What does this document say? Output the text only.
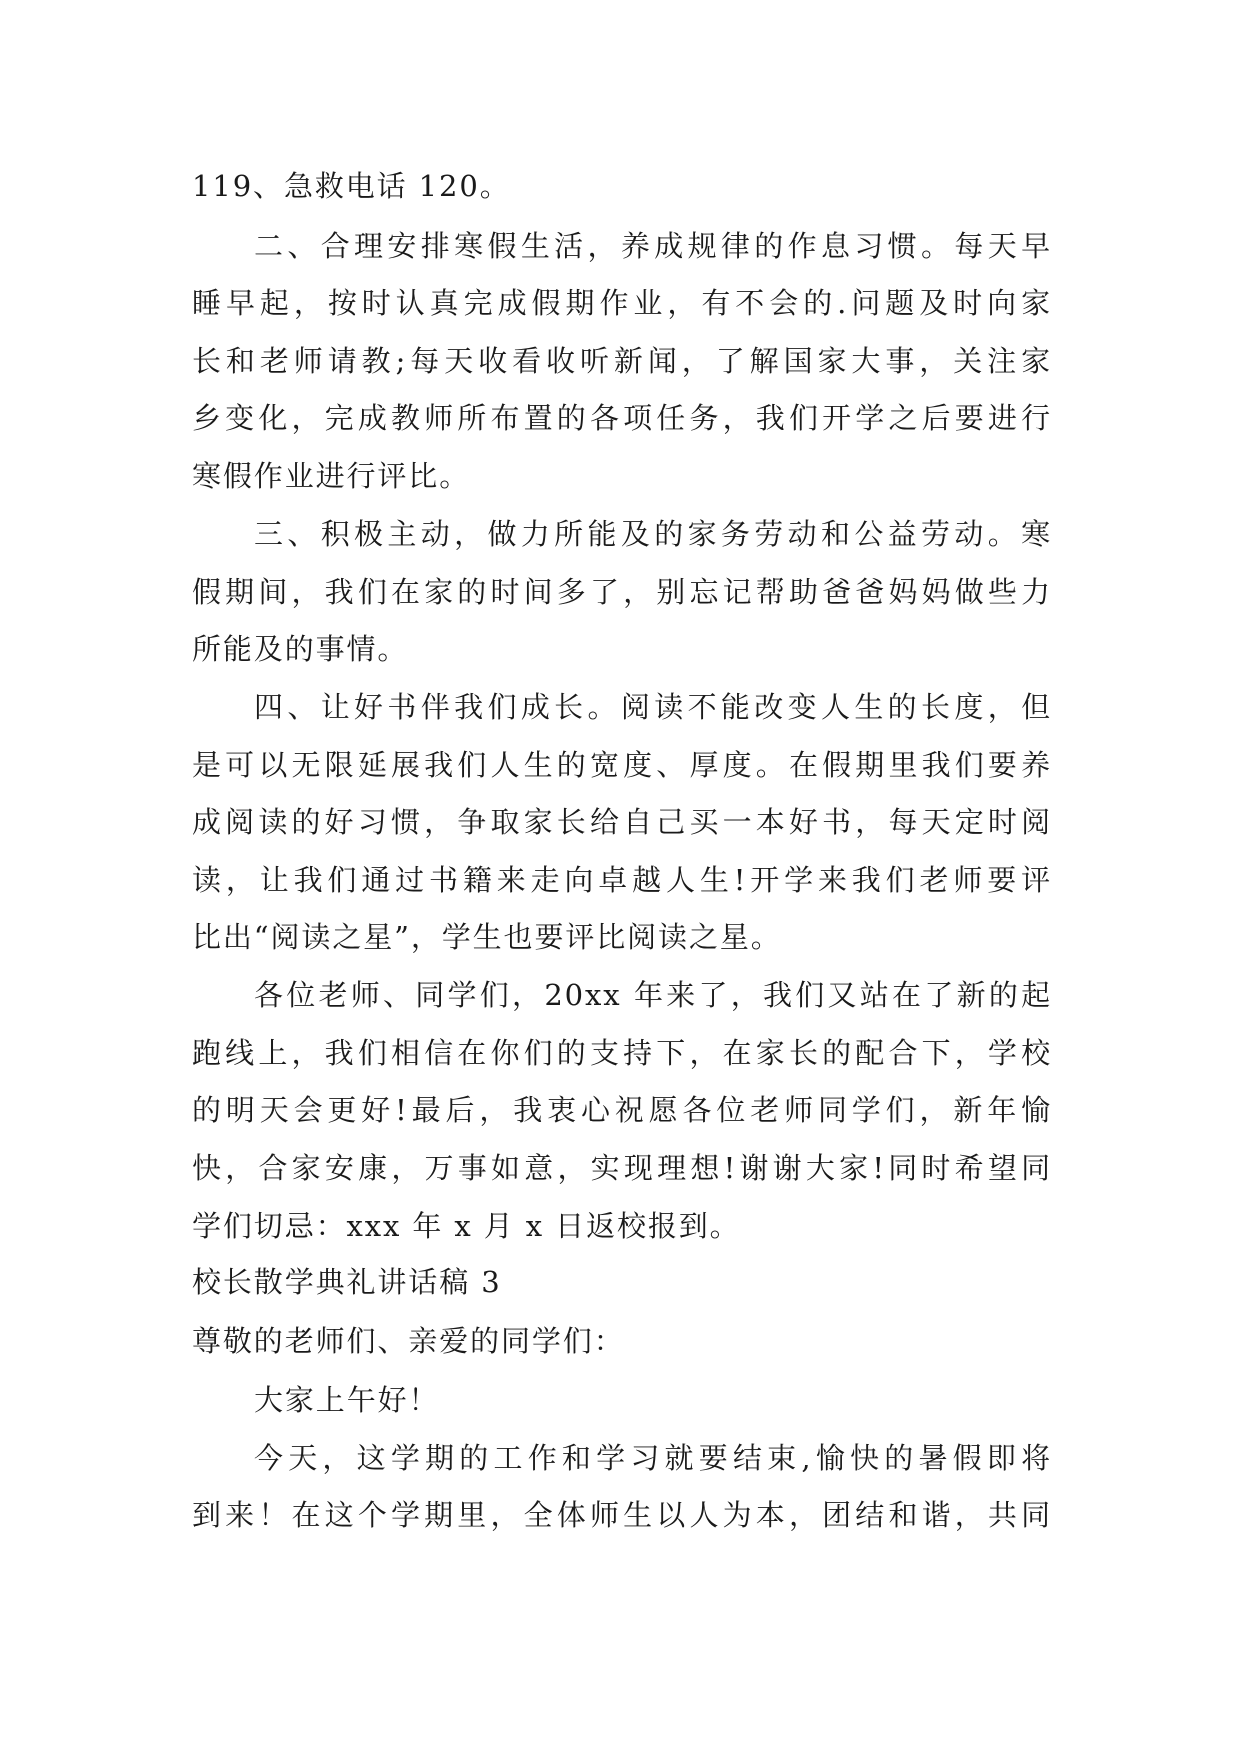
119、急救电话 120。
二、合理安排寒假生活，养成规律的作息习惯。每天早
睡早起，按时认真完成假期作业，有不会的.问题及时向家
长和老师请教;每天收看收听新闻，了解国家大事，关注家
乡变化，完成教师所布置的各项任务，我们开学之后要进行
寒假作业进行评比。
三、积极主动，做力所能及的家务劳动和公益劳动。寒
假期间，我们在家的时间多了，别忘记帮助爸爸妈妈做些力
所能及的事情。
四、让好书伴我们成长。阅读不能改变人生的长度，但
是可以无限延展我们人生的宽度、厚度。在假期里我们要养
成阅读的好习惯，争取家长给自己买一本好书，每天定时阅
读，让我们通过书籍来走向卓越人生!开学来我们老师要评
比出“阅读之星”，学生也要评比阅读之星。
各位老师、同学们，20xx 年来了，我们又站在了新的起
跑线上，我们相信在你们的支持下，在家长的配合下，学校
的明天会更好!最后，我衷心祝愿各位老师同学们，新年愉
快，合家安康，万事如意，实现理想!谢谢大家!同时希望同
学们切忌：xxx 年 x 月 x 日返校报到。
校长散学典礼讲话稿 3
尊敬的老师们、亲爱的同学们：
大家上午好！
今天，这学期的工作和学习就要结束,愉快的暑假即将
到来！在这个学期里，全体师生以人为本，团结和谐，共同
